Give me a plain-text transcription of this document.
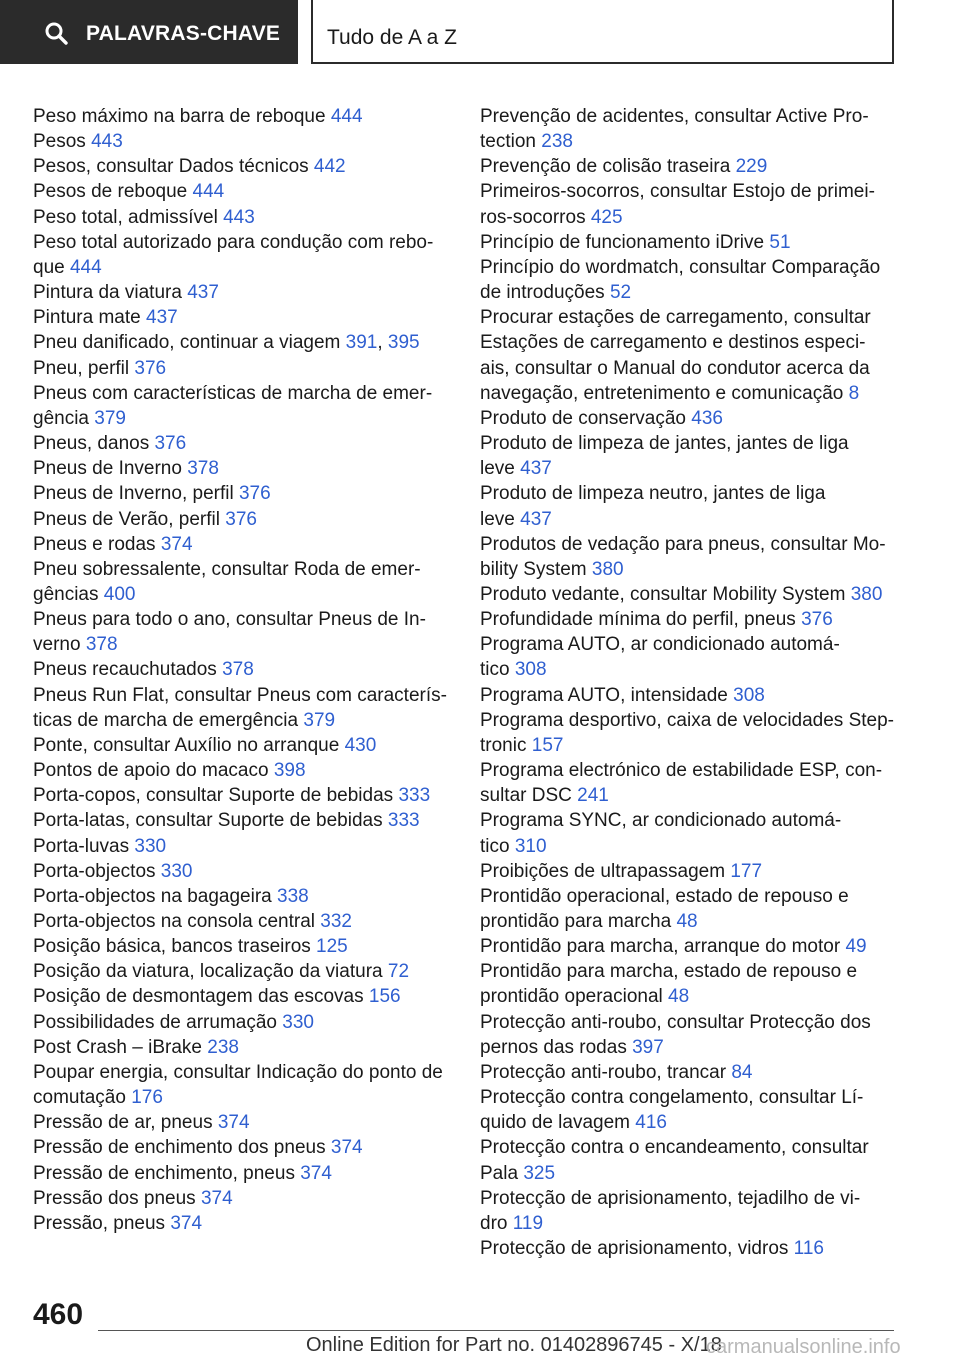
PALAVRAS-CHAVE Tudo de A a Z
Peso máximo na barra de reboque 444
Pesos 443
Pesos, consultar Dados técnicos 442
Pesos de reboque 444
Peso total, admissível 443
Peso total autorizado para condução com rebo-
que 444
Pintura da viatura 437
Pintura mate 437
Pneu danificado, continuar a viagem 391, 395
Pneu, perfil 376
Pneus com características de marcha de emer-
gência 379
Pneus, danos 376
Pneus de Inverno 378
Pneus de Inverno, perfil 376
Pneus de Verão, perfil 376
Pneus e rodas 374
Pneu sobressalente, consultar Roda de emer-
gências 400
Pneus para todo o ano, consultar Pneus de In-
verno 378
Pneus recauchutados 378
Pneus Run Flat, consultar Pneus com caracterís-
ticas de marcha de emergência 379
Ponte, consultar Auxílio no arranque 430
Pontos de apoio do macaco 398
Porta-copos, consultar Suporte de bebidas 333
Porta-latas, consultar Suporte de bebidas 333
Porta-luvas 330
Porta-objectos 330
Porta-objectos na bagageira 338
Porta-objectos na consola central 332
Posição básica, bancos traseiros 125
Posição da viatura, localização da viatura 72
Posição de desmontagem das escovas 156
Possibilidades de arrumação 330
Post Crash – iBrake 238
Poupar energia, consultar Indicação do ponto de
comutação 176
Pressão de ar, pneus 374
Pressão de enchimento dos pneus 374
Pressão de enchimento, pneus 374
Pressão dos pneus 374
Pressão, pneus 374
Prevenção de acidentes, consultar Active Pro-
tection 238
Prevenção de colisão traseira 229
Primeiros-socorros, consultar Estojo de primei-
ros-socorros 425
Princípio de funcionamento iDrive 51
Princípio do wordmatch, consultar Comparação
de introduções 52
Procurar estações de carregamento, consultar
Estações de carregamento e destinos especi-
ais, consultar o Manual do condutor acerca da
navegação, entretenimento e comunicação 8
Produto de conservação 436
Produto de limpeza de jantes, jantes de liga
leve 437
Produto de limpeza neutro, jantes de liga
leve 437
Produtos de vedação para pneus, consultar Mo-
bility System 380
Produto vedante, consultar Mobility System 380
Profundidade mínima do perfil, pneus 376
Programa AUTO, ar condicionado automá-
tico 308
Programa AUTO, intensidade 308
Programa desportivo, caixa de velocidades Step-
tronic 157
Programa electrónico de estabilidade ESP, con-
sultar DSC 241
Programa SYNC, ar condicionado automá-
tico 310
Proibições de ultrapassagem 177
Prontidão operacional, estado de repouso e
prontidão para marcha 48
Prontidão para marcha, arranque do motor 49
Prontidão para marcha, estado de repouso e
prontidão operacional 48
Protecção anti-roubo, consultar Protecção dos
pernos das rodas 397
Protecção anti-roubo, trancar 84
Protecção contra congelamento, consultar Lí-
quido de lavagem 416
Protecção contra o encandeamento, consultar
Pala 325
Protecção de aprisionamento, tejadilho de vi-
dro 119
Protecção de aprisionamento, vidros 116
460
Online Edition for Part no. 01402896745 - X/18
carmanualsonline.info
